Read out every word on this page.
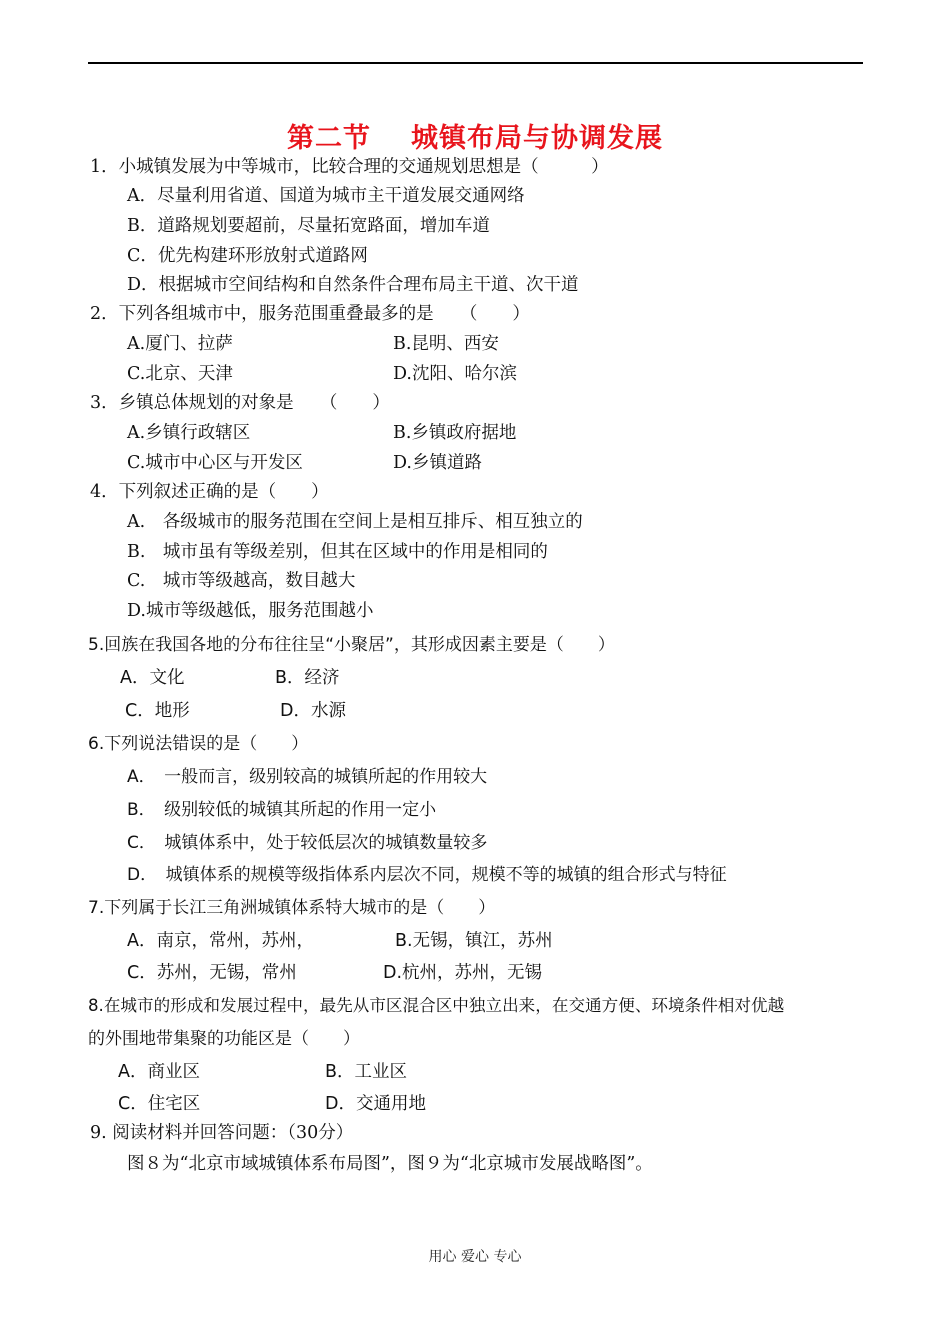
第二节 城镇布局与协调发展
1．小城镇发展为中等城市，比较合理的交通规划思想是（　　　）
A．尽量利用省道、国道为城市主干道发展交通网络
B．道路规划要超前，尽量拓宽路面，增加车道
C．优先构建环形放射式道路网
D．根据城市空间结构和自然条件合理布局主干道、次干道
2．下列各组城市中，服务范围重叠最多的是　　（　　）
A.厦门、拉萨	B.昆明、西安
C.北京、天津	D.沈阳、哈尔滨
3．乡镇总体规划的对象是　　（　　）
A.乡镇行政辖区	B.乡镇政府据地
C.城市中心区与开发区	D.乡镇道路
4．下列叙述正确的是（　　）
A.　各级城市的服务范围在空间上是相互排斥、相互独立的
B.　城市虽有等级差别，但其在区域中的作用是相同的
C.　城市等级越高，数目越大
D.城市等级越低，服务范围越小
5.回族在我国各地的分布往往呈“小聚居”，其形成因素主要是（　　）
A．文化	B．经济
C．地形	D．水源
6.下列说法错误的是（　　）
A．　一般而言，级别较高的城镇所起的作用较大
B．　级别较低的城镇其所起的作用一定小
C．　城镇体系中，处于较低层次的城镇数量较多
D．　城镇体系的规模等级指体系内层次不同，规模不等的城镇的组合形式与特征
7.下列属于长江三角洲城镇体系特大城市的是（　　）
A．南京，常州，苏州，	B.无锡，镇江，苏州
C．苏州，无锡，常州	D.杭州，苏州，无锡
8.在城市的形成和发展过程中，最先从市区混合区中独立出来，在交通方便、环境条件相对优越
的外围地带集聚的功能区是（　　）
A．商业区	B．工业区
C．住宅区	D．交通用地
9. 阅读材料并回答问题：（30分）
图８为“北京市域城镇体系布局图”，图９为“北京城市发展战略图”。
用心 爱心 专心
